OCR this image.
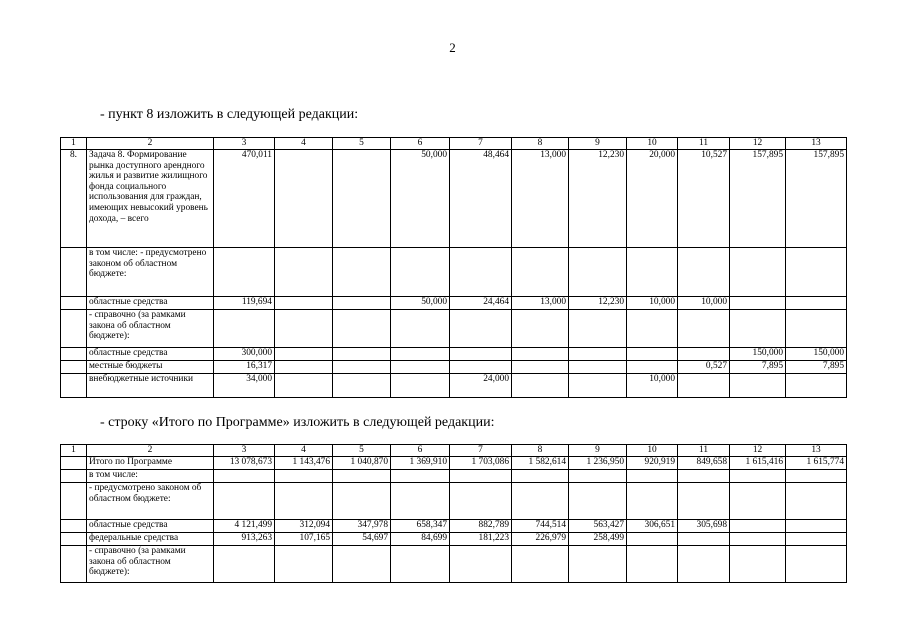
2
- пункт 8 изложить в следующей редакции:
1	2	3	4	5	6	7	8	9	10	11	12	13
8.	Задача 8. Формирование рынка доступного арендного жилья и развитие жилищного фонда социального использования для граждан, имеющих невысокий уровень дохода, – всего	470,011			50,000	48,464	13,000	12,230	20,000	10,527	157,895	157,895
	в том числе: - предусмотрено законом об областном бюджете:											
	областные средства	119,694			50,000	24,464	13,000	12,230	10,000	10,000		
	- справочно (за рамками закона об областном бюджете):											
	областные средства	300,000									150,000	150,000
	местные бюджеты	16,317								0,527	7,895	7,895
	внебюджетные источники	34,000				24,000			10,000			
- строку «Итого по Программе» изложить в следующей редакции:
1	2	3	4	5	6	7	8	9	10	11	12	13
	Итого по Программе	13 078,673	1 143,476	1 040,870	1 369,910	1 703,086	1 582,614	1 236,950	920,919	849,658	1 615,416	1 615,774
	в том числе:											
	- предусмотрено законом об областном бюджете:											
	областные средства	4 121,499	312,094	347,978	658,347	882,789	744,514	563,427	306,651	305,698		
	федеральные средства	913,263	107,165	54,697	84,699	181,223	226,979	258,499				
	- справочно (за рамками закона об областном бюджете):											
